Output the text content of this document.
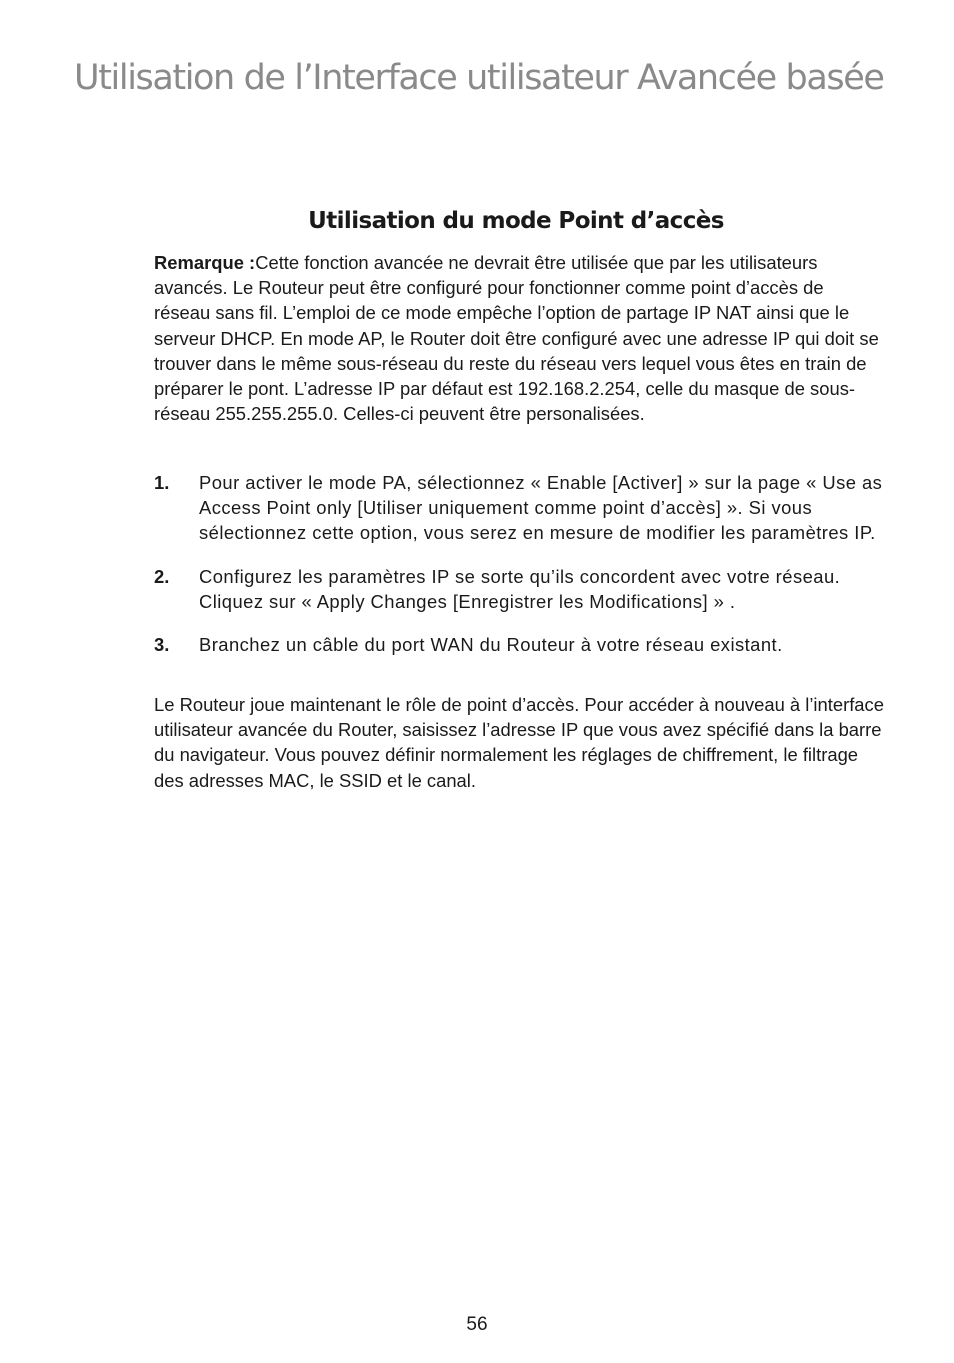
Utilisation de l’Interface utilisateur Avancée basée
Utilisation du mode Point d’accès

Remarque :Cette fonction avancée ne devrait être utilisée que par les utilisateurs avancés. Le Routeur peut être configuré pour fonctionner comme point d’accès de réseau sans fil. L’emploi de ce mode empêche l’option de partage IP NAT ainsi que le serveur DHCP. En mode AP, le Router doit être configuré avec une adresse IP qui doit se trouver dans le même sous-réseau du reste du réseau vers lequel vous êtes en train de préparer le pont. L’adresse IP par défaut est 192.168.2.254, celle du masque de sous-réseau 255.255.255.0. Celles-ci peuvent être personalisées.

1. Pour activer le mode PA, sélectionnez « Enable [Activer] » sur la page « Use as Access Point only [Utiliser uniquement comme point d’accès] ». Si vous sélectionnez cette option, vous serez en mesure de modifier les paramètres IP.
2. Configurez les paramètres IP se sorte qu’ils concordent avec votre réseau. Cliquez sur « Apply Changes [Enregistrer les Modifications] » .
3. Branchez un câble du port WAN du Routeur à votre réseau existant.

Le Routeur joue maintenant le rôle de point d’accès. Pour accéder à nouveau à l’interface utilisateur avancée du Router, saisissez l’adresse IP que vous avez spécifié dans la barre du navigateur. Vous pouvez définir normalement les réglages de chiffrement, le filtrage des adresses MAC, le SSID et le canal.

56
